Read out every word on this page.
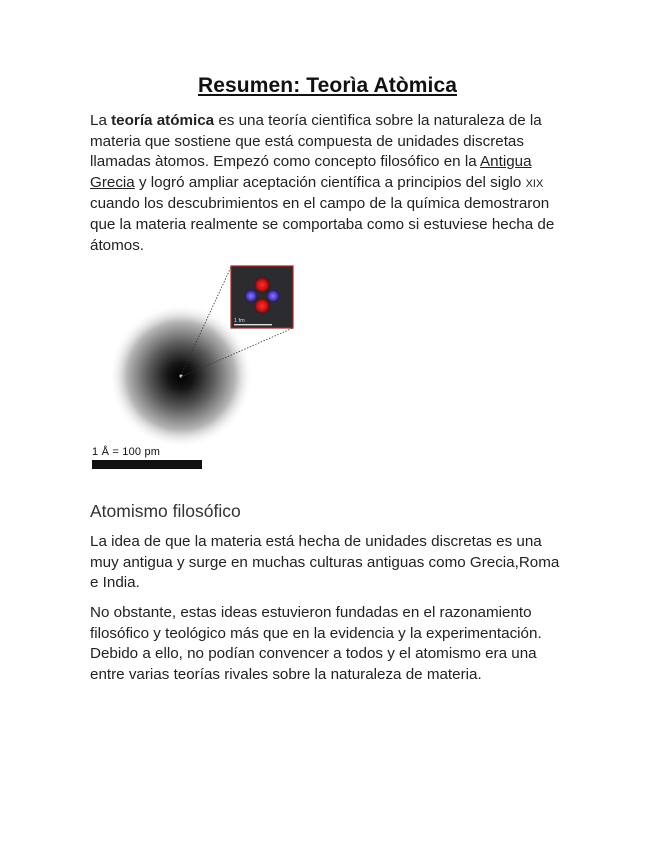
Resumen: Teorìa Atòmica

La teoría atómica es una teoría cientìfica sobre la naturaleza de la materia que sostiene que está compuesta de unidades discretas llamadas àtomos. Empezó como concepto filosófico en la Antigua Grecia y logró ampliar aceptación científica a principios del siglo XIX cuando los descubrimientos en el campo de la química demostraron que la materia realmente se comportaba como si estuviese hecha de átomos.

1 fm
1 Å = 100 pm
Atomismo filosófico

La idea de que la materia está hecha de unidades discretas es una muy antigua y surge en muchas culturas antiguas como Grecia,Roma e India.

No obstante, estas ideas estuvieron fundadas en el razonamiento filosófico y teológico más que en la evidencia y la experimentación. Debido a ello, no podían convencer a todos y el atomismo era una entre varias teorías rivales sobre la naturaleza de materia.
